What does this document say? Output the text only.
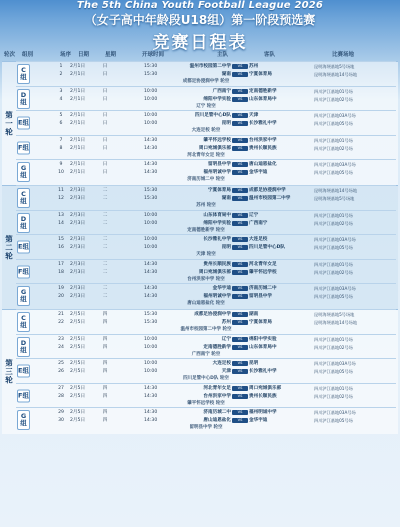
The 5th China Youth Football League 2026
（女子高中年龄段U18组）第一阶段预选赛
竞赛日程表
轮次 组别	场序 日期	星期	开球时间	主队	客队	比赛场地
第一轮
C组
1	2月1日	日	15:30	温州市校园第二中学	苏州	昆明海埂基地5号场地
VS
2	2月1日	日	15:30	湖南	宁夏体育局	昆明海埂基地14号场地
VS
成都足协浸润中学 轮空
D组
3	2月1日	日	10:00	广西南宁	定南德胜新学	四川泸江基地01号场
VS
4	2月1日	日	10:00	绵阳中学实验	山东体育局中	四川泸江基地02号场
VS
辽宁 轮空
E组
5	2月1日	日	10:00	四川足管中心D队	天津	四川泸江基地03A号场
VS
6	2月1日	日	10:00	昆明	长沙雅礼中学	四川泸江基地05号场
VS
大连足校 轮空
F组
7	2月1日	日	14:30	肇平怀远学校	台州洪家中学	四川泸江基地01号场
VS
8	2月1日	日	14:30	周口宛城俱乐部	贵州长顺民族	四川泸江基地02号场
VS
河北青年女足 轮空
G组
9	2月1日	日	14:30	留明县中学	唐山迪恩盐化	四川泸江基地03A号场
VS
10	2月1日	日	14:30	福州明诚中学	金华宇迪	四川泸江基地05号场
VS
济南历城二中 轮空
第二轮
C组
11	2月3日	二	15:30	宁夏体育局	成都足协浸润中学	昆明海埂基地14号场地
VS
12	2月3日	二	15:30	湖南	温州市校园第二中学	昆明海埂基地5号场地
VS
苏州 轮空
D组
13	2月3日	二	10:00	山东体育局中	辽宁	四川泸江基地01号场
VS
14	2月3日	二	10:00	绵阳中学实验	广西南宁	四川泸江基地02号场
VS
定南德胜新学 轮空
E组
15	2月3日	二	10:00	长沙雅礼中学	大连足校	四川泸江基地03A号场
VS
16	2月3日	二	10:00	昆明	四川足管中心D队	四川泸江基地05号场
VS
天津 轮空
F组
17	2月3日	二	14:30	贵州长顺民族	河北青年女足	四川泸江基地01号场
VS
18	2月3日	二	14:30	周口宛城俱乐部	肇平怀远学校	四川泸江基地02号场
VS
台州洪家中学 轮空
G组
19	2月3日	二	14:30	金华宇迪	济南历城二中	四川泸江基地03A号场
VS
20	2月3日	二	14:30	福州明诚中学	留明县中学	四川泸江基地05号场
VS
唐山迪恩盐化 轮空
第三轮
C组
21	2月5日	四	15:30	成都足协浸润中学	湖南	昆明海埂基地5号场地
VS
22	2月5日	四	15:30	苏州	宁夏体育局	昆明海埂基地14号场地
VS
温州市校园第二中学 轮空
D组
23	2月5日	四	10:00	辽宁	绵阳中学实验	四川泸江基地01号场
VS
24	2月5日	四	10:00	定南德胜新学	山东体育局中	四川泸江基地02号场
VS
广西南宁 轮空
E组
25	2月5日	四	10:00	大连足校	昆明	四川泸江基地03A号场
VS
26	2月5日	四	10:00	天津	长沙雅礼中学	四川泸江基地05号场
VS
四川足管中心D队 轮空
F组
27	2月5日	四	14:30	河北青年女足	周口宛城俱乐部	四川泸江基地01号场
VS
28	2月5日	四	14:30	台州洪家中学	贵州长顺民族	四川泸江基地02号场
VS
肇平怀远学校 轮空
G组
29	2月5日	四	14:30	济南历城二中	福州明诚中学	四川泸江基地03A号场
VS
30	2月5日	四	14:30	唐山迪恩盐化	金华宇迪	四川泸江基地05号场
VS
留明县中学 轮空
